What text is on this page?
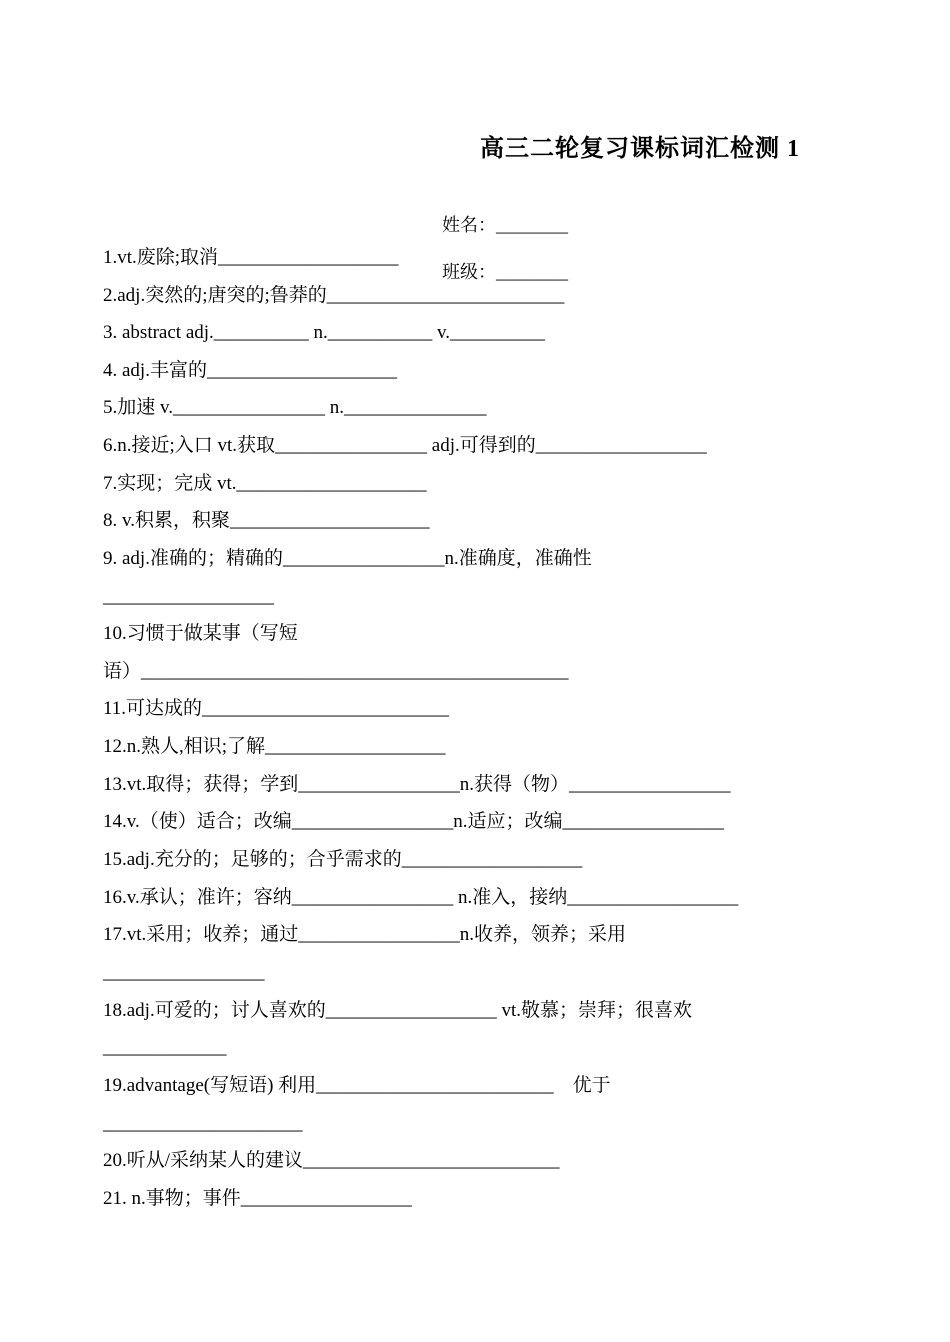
高三二轮复习课标词汇检测 1

姓名：________

班级：________

1.vt.废除;取消___________________
2.adj.突然的;唐突的;鲁莽的_________________________
3. abstract adj.__________ n.___________ v.__________
4. adj.丰富的____________________
5.加速 v.________________ n._______________
6.n.接近;入口 vt.获取________________ adj.可得到的__________________
7.实现；完成 vt.____________________
8. v.积累，积聚_____________________
9. adj.准确的；精确的_________________n.准确度，准确性
__________________
10.习惯于做某事（写短
语）_____________________________________________
11.可达成的__________________________
12.n.熟人,相识;了解___________________
13.vt.取得；获得；学到_________________n.获得（物）_________________
14.v.（使）适合；改编_________________n.适应；改编_________________
15.adj.充分的；足够的；合乎需求的___________________
16.v.承认；准许；容纳_________________ n.准入，接纳__________________
17.vt.采用；收养；通过_________________n.收养，领养；采用
_________________
18.adj.可爱的；讨人喜欢的__________________ vt.敬慕；崇拜；很喜欢
_____________
19.advantage(写短语) 利用_________________________    优于
_____________________
20.听从/采纳某人的建议___________________________
21. n.事物；事件__________________
